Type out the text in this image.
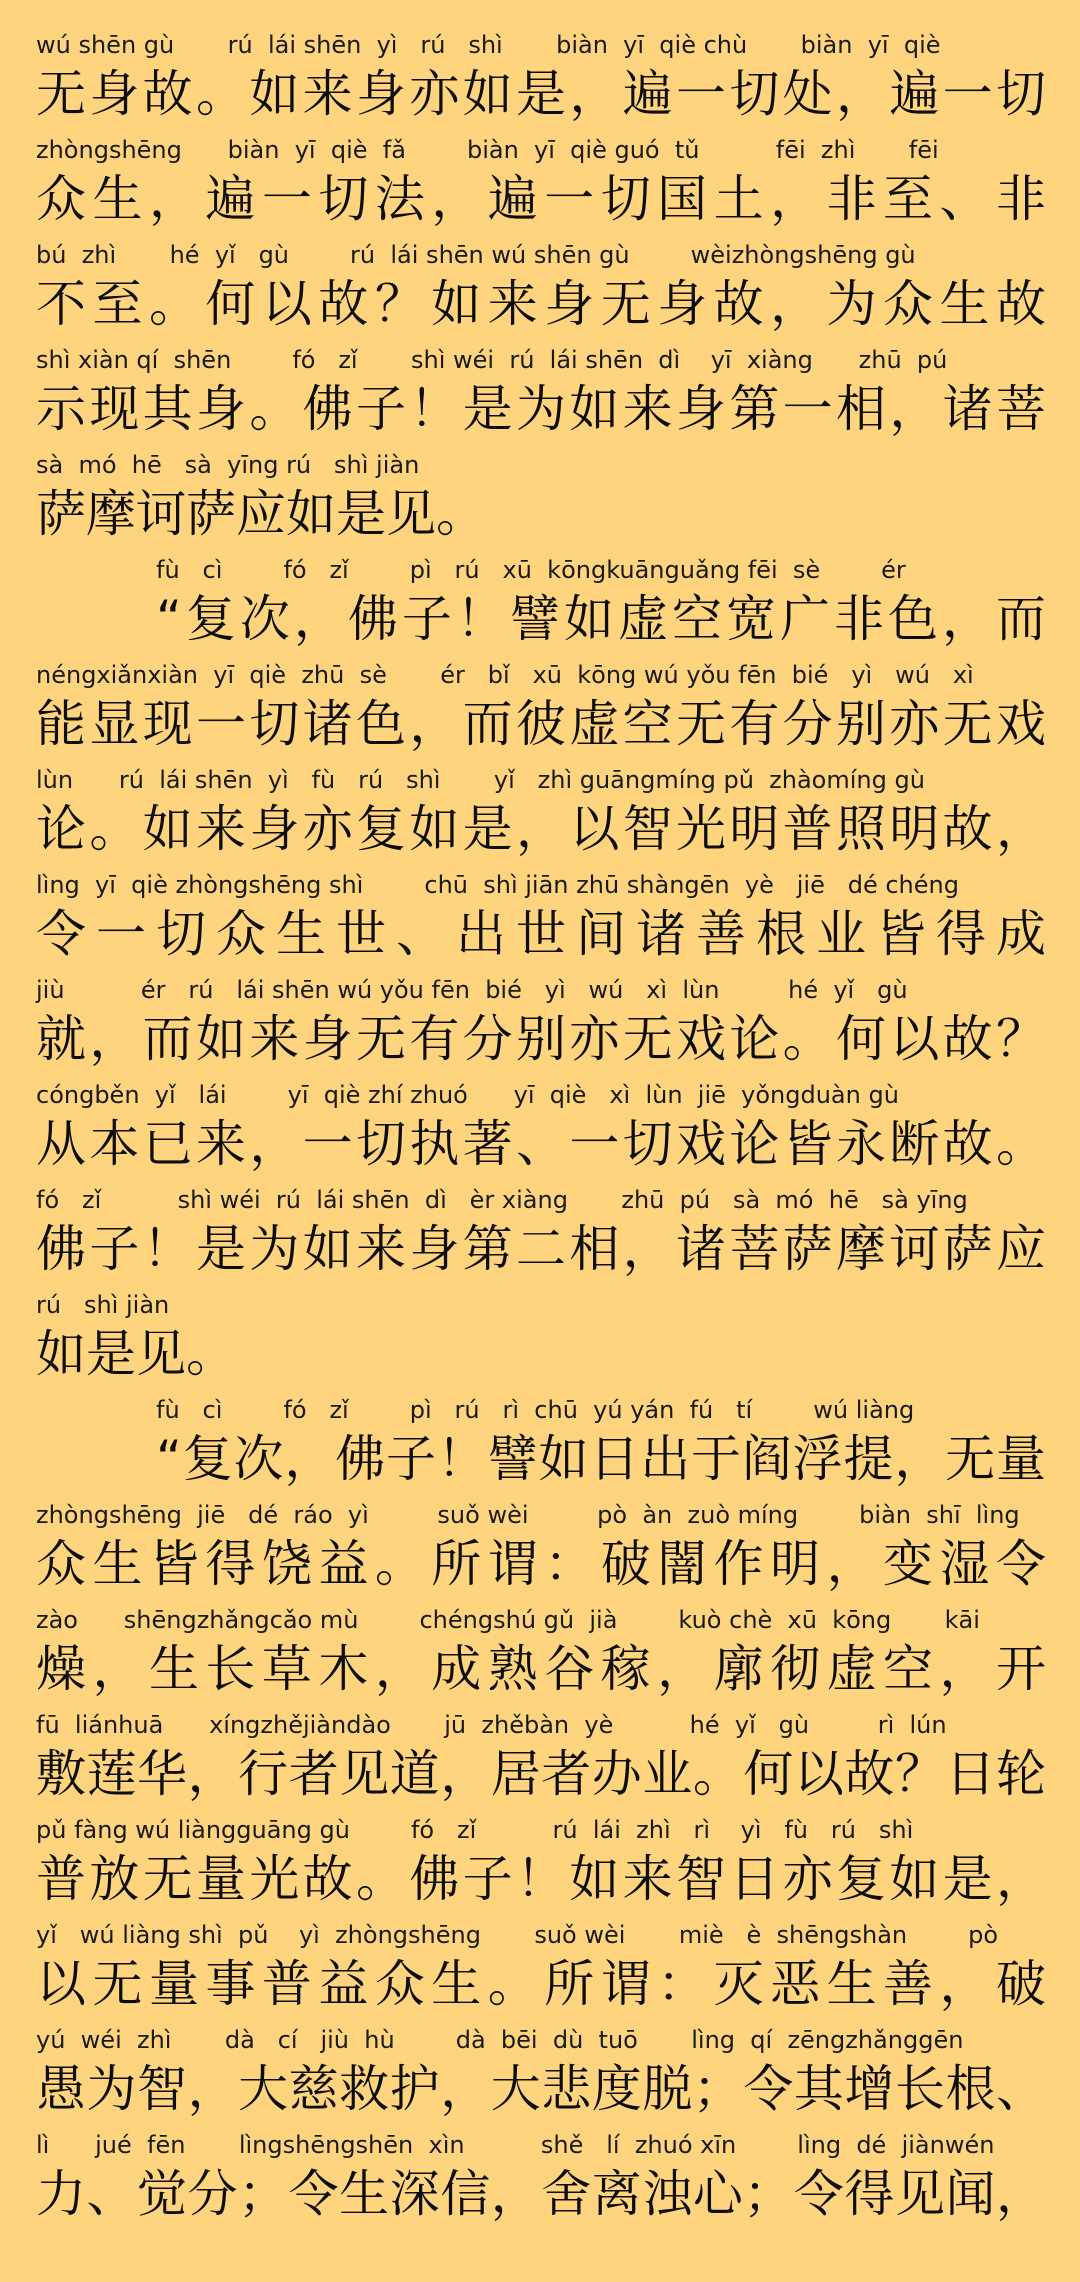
wú shēn gù       rú  lái shēn  yì   rú   shì       biàn  yī  qiè chù       biàn  yī  qiè
无身故。如来身亦如是，遍一切处，遍一切
zhòngshēng      biàn  yī  qiè  fǎ        biàn  yī  qiè guó  tǔ          fēi  zhì       fēi
众生，遍一切法，遍一切国土，非至、非
bú  zhì       hé  yǐ   gù        rú  lái shēn wú shēn gù        wèizhòngshēng gù
不至。何以故？如来身无身故，为众生故
shì xiàn qí  shēn        fó   zǐ       shì wéi  rú  lái shēn  dì    yī  xiàng      zhū  pú
示现其身。佛子！是为如来身第一相，诸菩
sà  mó  hē   sà  yīng rú   shì jiàn
萨摩诃萨应如是见。
fù   cì        fó   zǐ        pì   rú   xū  kōngkuānguǎng fēi  sè        ér
“复次，佛子！譬如虚空宽广非色，而
néngxiǎnxiàn  yī  qiè  zhū  sè       ér   bǐ   xū  kōng wú yǒu fēn  bié   yì   wú   xì
能显现一切诸色，而彼虚空无有分别亦无戏
lùn      rú  lái shēn  yì   fù   rú   shì       yǐ   zhì guāngmíng pǔ  zhàomíng gù
论。如来身亦复如是，以智光明普照明故，
lìng  yī  qiè zhòngshēng shì        chū  shì jiān zhū shàngēn  yè   jiē   dé chéng
令一切众生世、出世间诸善根业皆得成
jiù          ér   rú   lái shēn wú yǒu fēn  bié   yì   wú   xì  lùn         hé  yǐ   gù
就，而如来身无有分别亦无戏论。何以故？
cóngběn  yǐ   lái        yī  qiè zhí zhuó      yī  qiè   xì  lùn  jiē  yǒngduàn gù
从本已来，一切执著、一切戏论皆永断故。
fó   zǐ          shì wéi  rú  lái shēn  dì   èr xiàng       zhū  pú   sà  mó  hē   sà yīng
佛子！是为如来身第二相，诸菩萨摩诃萨应
rú   shì jiàn
如是见。
fù   cì        fó   zǐ        pì   rú   rì  chū  yú yán  fú   tí        wú liàng
“复次，佛子！譬如日出于阎浮提，无量
zhòngshēng  jiē   dé  ráo  yì         suǒ wèi         pò  àn  zuò míng        biàn  shī  lìng
众生皆得饶益。所谓：破闇作明，变湿令
zào      shēngzhǎngcǎo mù        chéngshú gǔ  jià        kuò chè  xū  kōng       kāi
燥，生长草木，成熟谷稼，廓彻虚空，开
fū  liánhuā      xíngzhějiàndào       jū  zhěbàn  yè          hé  yǐ   gù         rì  lún
敷莲华，行者见道，居者办业。何以故？日轮
pǔ fàng wú liàngguāng gù        fó   zǐ          rú  lái  zhì   rì    yì   fù   rú   shì
普放无量光故。佛子！如来智日亦复如是，
yǐ   wú liàng shì  pǔ    yì  zhòngshēng       suǒ wèi       miè   è  shēngshàn        pò
以无量事普益众生。所谓：灭恶生善，破
yú  wéi  zhì       dà   cí   jiù  hù        dà  bēi  dù  tuō       lìng  qí  zēngzhǎnggēn
愚为智，大慈救护，大悲度脱；令其增长根、
lì      jué  fēn       lìngshēngshēn  xìn          shě   lí  zhuó xīn        lìng  dé  jiànwén
力、觉分；令生深信，舍离浊心；令得见闻，
